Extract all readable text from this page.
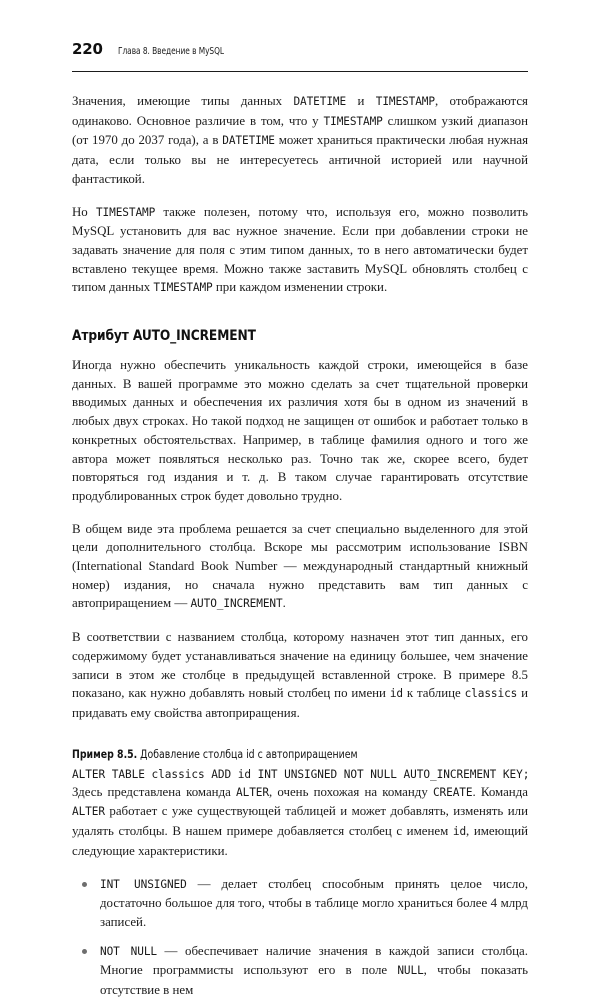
220	Глава 8. Введение в MySQL

Значения, имеющие типы данных DATETIME и TIMESTAMP, отображаются одинаково. Основное различие в том, что у TIMESTAMP слишком узкий диапазон (от 1970 до 2037 года), а в DATETIME может храниться практически любая нужная дата, если только вы не интересуетесь античной историей или научной фантастикой.

Но TIMESTAMP также полезен, потому что, используя его, можно позволить MySQL установить для вас нужное значение. Если при добавлении строки не задавать значение для поля с этим типом данных, то в него автоматически будет вставлено текущее время. Можно также заставить MySQL обновлять столбец с типом данных TIMESTAMP при каждом изменении строки.

Атрибут AUTO_INCREMENT

Иногда нужно обеспечить уникальность каждой строки, имеющейся в базе данных. В вашей программе это можно сделать за счет тщательной проверки вводимых данных и обеспечения их различия хотя бы в одном из значений в любых двух строках. Но такой подход не защищен от ошибок и работает только в конкретных обстоятельствах. Например, в таблице фамилия одного и того же автора может появляться несколько раз. Точно так же, скорее всего, будет повторяться год издания и т. д. В таком случае гарантировать отсутствие продублированных строк будет довольно трудно.

В общем виде эта проблема решается за счет специально выделенного для этой цели дополнительного столбца. Вскоре мы рассмотрим использование ISBN (International Standard Book Number — международный стандартный книжный номер) издания, но сначала нужно представить вам тип данных с автоприращением — AUTO_INCREMENT.

В соответствии с названием столбца, которому назначен этот тип данных, его содержимому будет устанавливаться значение на единицу большее, чем значение записи в этом же столбце в предыдущей вставленной строке. В примере 8.5 показано, как нужно добавлять новый столбец по имени id к таблице classics и придавать ему свойства автоприращения.

Пример 8.5. Добавление столбца id с автоприращением
ALTER TABLE classics ADD id INT UNSIGNED NOT NULL AUTO_INCREMENT KEY;

Здесь представлена команда ALTER, очень похожая на команду CREATE. Команда ALTER работает с уже существующей таблицей и может добавлять, изменять или удалять столбцы. В нашем примере добавляется столбец с именем id, имеющий следующие характеристики.

INT UNSIGNED — делает столбец способным принять целое число, достаточно большое для того, чтобы в таблице могло храниться более 4 млрд записей.
NOT NULL — обеспечивает наличие значения в каждой записи столбца. Многие программисты используют его в поле NULL, чтобы показать отсутствие в нем
